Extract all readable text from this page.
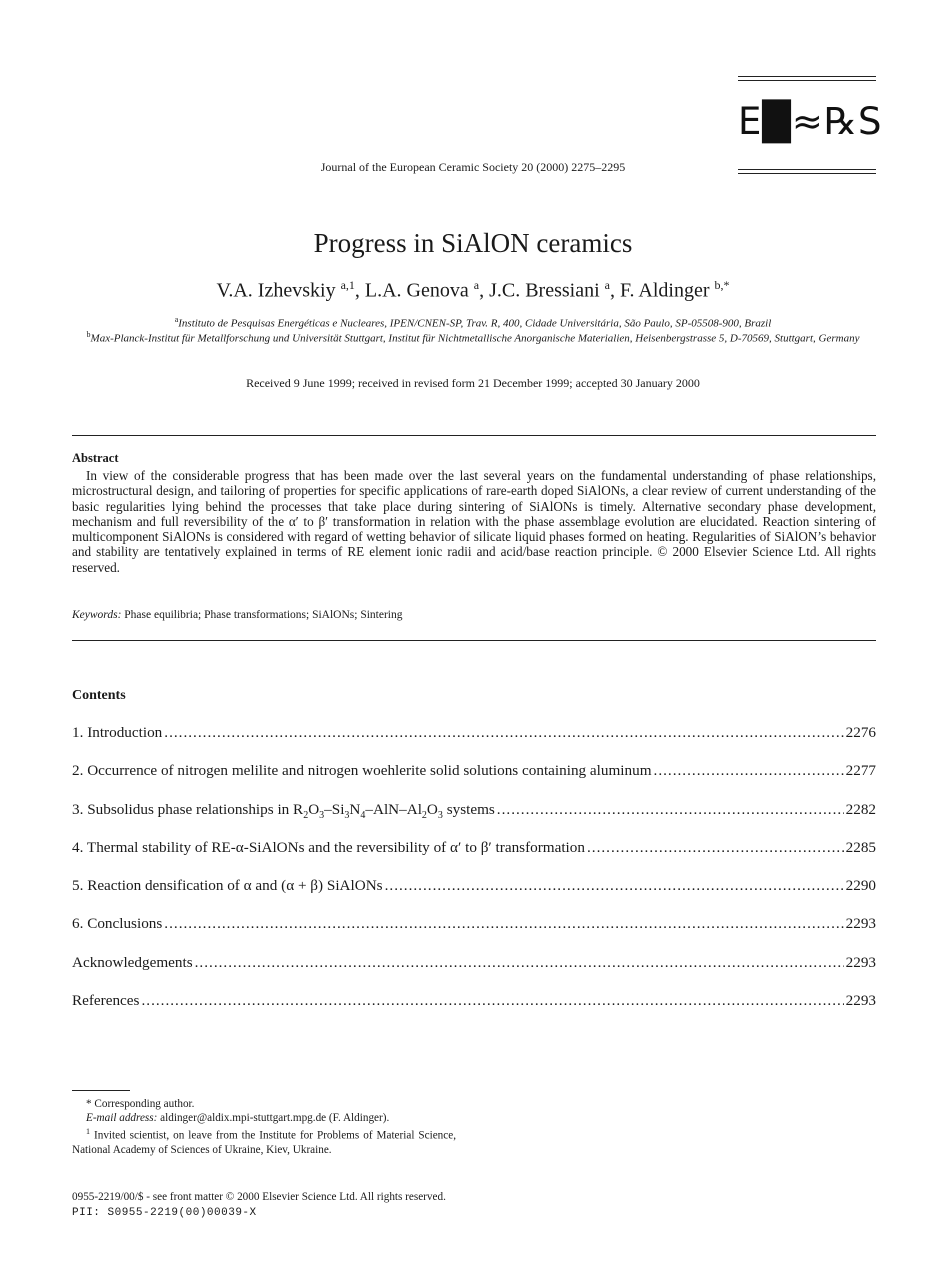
E█≈℞S
Journal of the European Ceramic Society 20 (2000) 2275–2295
Progress in SiAlON ceramics
V.A. Izhevskiy $^{a,1}$, L.A. Genova $^a$, J.C. Bressiani $^a$, F. Aldinger $^{b,*}$
$^a$Instituto de Pesquisas Energéticas e Nucleares, IPEN/CNEN-SP, Trav. R, 400, Cidade Universitária, São Paulo, SP-05508-900, Brazil
$^b$Max-Planck-Institut für Metallforschung und Universität Stuttgart, Institut für Nichtmetallische Anorganische Materialien, Heisenbergstrasse 5, D-70569, Stuttgart, Germany
Received 9 June 1999; received in revised form 21 December 1999; accepted 30 January 2000
Abstract
In view of the considerable progress that has been made over the last several years on the fundamental understanding of phase relationships, microstructural design, and tailoring of properties for specific applications of rare-earth doped SiAlONs, a clear review of current understanding of the basic regularities lying behind the processes that take place during sintering of SiAlONs is timely. Alternative secondary phase development, mechanism and full reversibility of the α′ to β′ transformation in relation with the phase assemblage evolution are elucidated. Reaction sintering of multicomponent SiAlONs is considered with regard of wetting behavior of silicate liquid phases formed on heating. Regularities of SiAlON’s behavior and stability are tentatively explained in terms of RE element ionic radii and acid/base reaction principle. © 2000 Elsevier Science Ltd. All rights reserved.
Keywords: Phase equilibria; Phase transformations; SiAlONs; Sintering
Contents
1. Introduction .....	2276
2. Occurrence of nitrogen melilite and nitrogen woehlerite solid solutions containing aluminum .....	2277
3. Subsolidus phase relationships in $R_2O_3-Si_3N_4-AlN-Al_2O_3$ systems .....	2282
4. Thermal stability of RE-α-SiAlONs and the reversibility of α′ to β′ transformation .....	2285
5. Reaction densification of α and (α + β) SiAlONs .....	2290
6. Conclusions .....	2293
Acknowledgements .....	2293
References .....	2293
* Corresponding author.
E-mail address: aldinger@aldix.mpi-stuttgart.mpg.de (F. Aldinger).
$^1$ Invited scientist, on leave from the Institute for Problems of Material Science, National Academy of Sciences of Ukraine, Kiev, Ukraine.
0955-2219/00/$ - see front matter © 2000 Elsevier Science Ltd. All rights reserved.
PII: S0955-2219(00)00039-X
